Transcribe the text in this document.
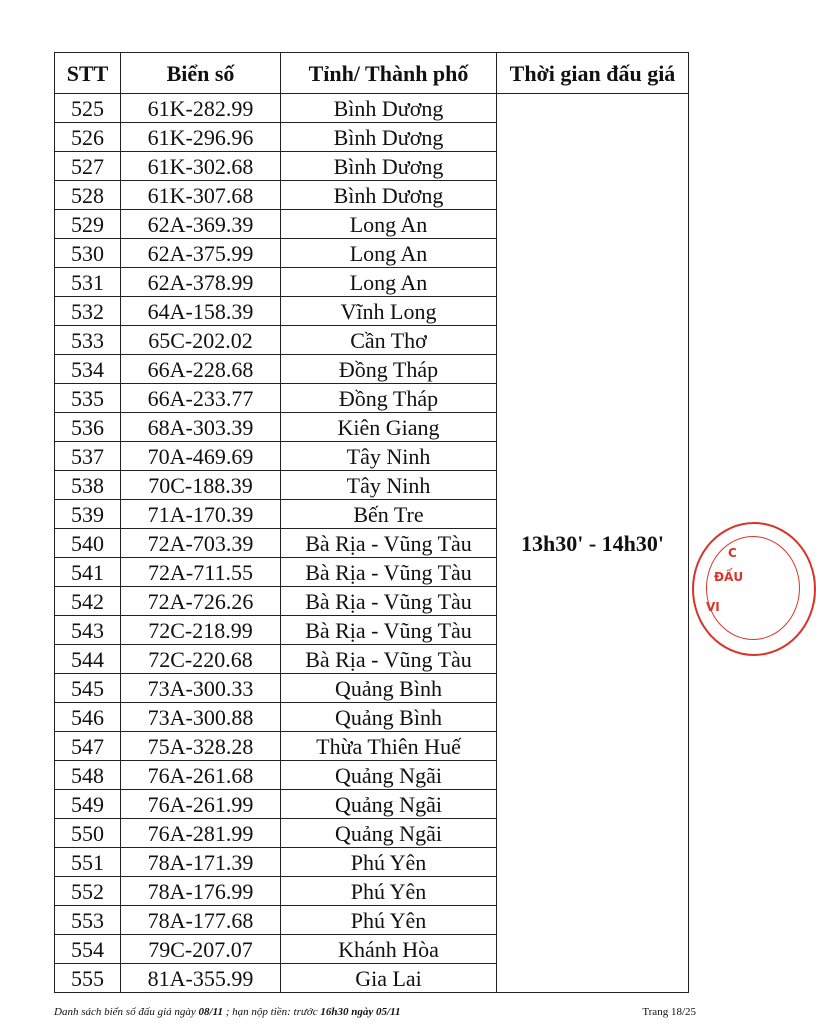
STT	Biển số	Tỉnh/ Thành phố	Thời gian đấu giá
525	61K-282.99	Bình Dương	13h30' - 14h30'
526	61K-296.96	Bình Dương	
527	61K-302.68	Bình Dương	
528	61K-307.68	Bình Dương	
529	62A-369.39	Long An	
530	62A-375.99	Long An	
531	62A-378.99	Long An	
532	64A-158.39	Vĩnh Long	
533	65C-202.02	Cần Thơ	
534	66A-228.68	Đồng Tháp	
535	66A-233.77	Đồng Tháp	
536	68A-303.39	Kiên Giang	
537	70A-469.69	Tây Ninh	
538	70C-188.39	Tây Ninh	
539	71A-170.39	Bến Tre	
540	72A-703.39	Bà Rịa - Vũng Tàu	
541	72A-711.55	Bà Rịa - Vũng Tàu	
542	72A-726.26	Bà Rịa - Vũng Tàu	
543	72C-218.99	Bà Rịa - Vũng Tàu	
544	72C-220.68	Bà Rịa - Vũng Tàu	
545	73A-300.33	Quảng Bình	
546	73A-300.88	Quảng Bình	
547	75A-328.28	Thừa Thiên Huế	
548	76A-261.68	Quảng Ngãi	
549	76A-261.99	Quảng Ngãi	
550	76A-281.99	Quảng Ngãi	
551	78A-171.39	Phú Yên	
552	78A-176.99	Phú Yên	
553	78A-177.68	Phú Yên	
554	79C-207.07	Khánh Hòa	
555	81A-355.99	Gia Lai	
Danh sách biển số đấu giá ngày 08/11 ; hạn nộp tiền: trước 16h30 ngày 05/11	Trang 18/25
C
ĐẤU
VI
